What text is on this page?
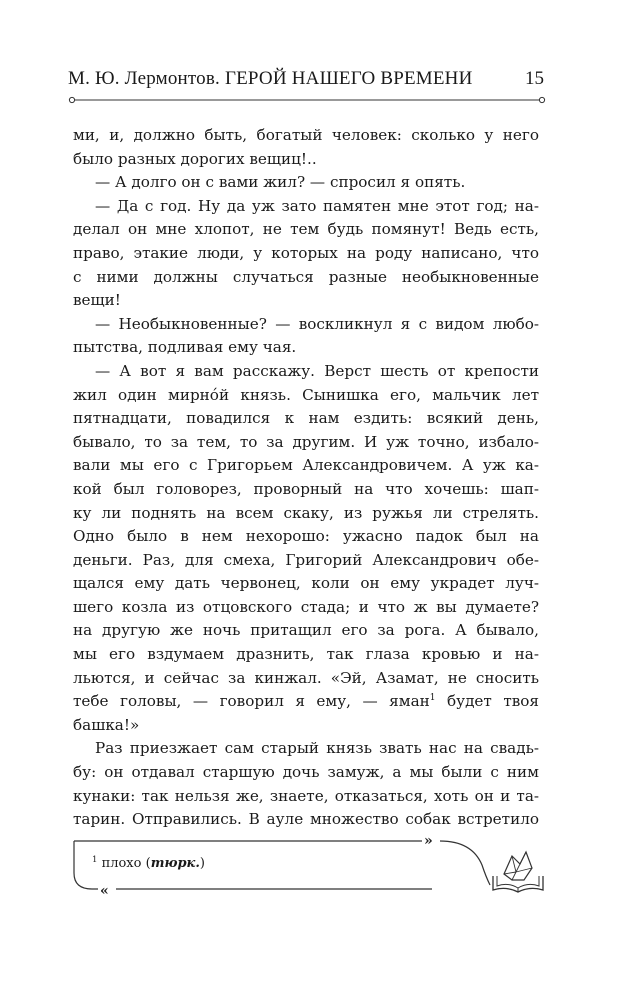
М. Ю. Лермонтов. ГЕРОЙ НАШЕГО ВРЕМЕНИ	15
ми, и, должно быть, богатый человек: сколько у него
было разных дорогих вещиц!..
— А долго он с вами жил? — спросил я опять.
— Да с год. Ну да уж зато памятен мне этот год; на-
делал он мне хлопот, не тем будь помянут! Ведь есть,
право, этакие люди, у которых на роду написано, что
с ними должны случаться разные необыкновенные
вещи!
— Необыкновенные? — воскликнул я с видом любо-
пытства, подливая ему чая.
— А вот я вам расскажу. Верст шесть от крепости
жил один мирнóй князь. Сынишка его, мальчик лет
пятнадцати, повадился к нам ездить: всякий день,
бывало, то за тем, то за другим. И уж точно, избало-
вали мы его с Григорьем Александровичем. А уж ка-
кой был головорез, проворный на что хочешь: шап-
ку ли поднять на всем скаку, из ружья ли стрелять.
Одно было в нем нехорошо: ужасно падок был на
деньги. Раз, для смеха, Григорий Александрович обе-
щался ему дать червонец, коли он ему украдет луч-
шего козла из отцовского стада; и что ж вы думаете?
на другую же ночь притащил его за рога. А бывало,
мы его вздумаем дразнить, так глаза кровью и на-
льются, и сейчас за кинжал. «Эй, Азамат, не сносить
тебе головы, — говорил я ему, — яман$^1$ будет твоя
башка!»
Раз приезжает сам старый князь звать нас на свадь-
бу: он отдавал старшую дочь замуж, а мы были с ним
кунаки: так нельзя же, знаете, отказаться, хоть он и та-
тарин. Отправились. В ауле множество собак встретило
»
«
$^1$ плохо (тюрк.)
